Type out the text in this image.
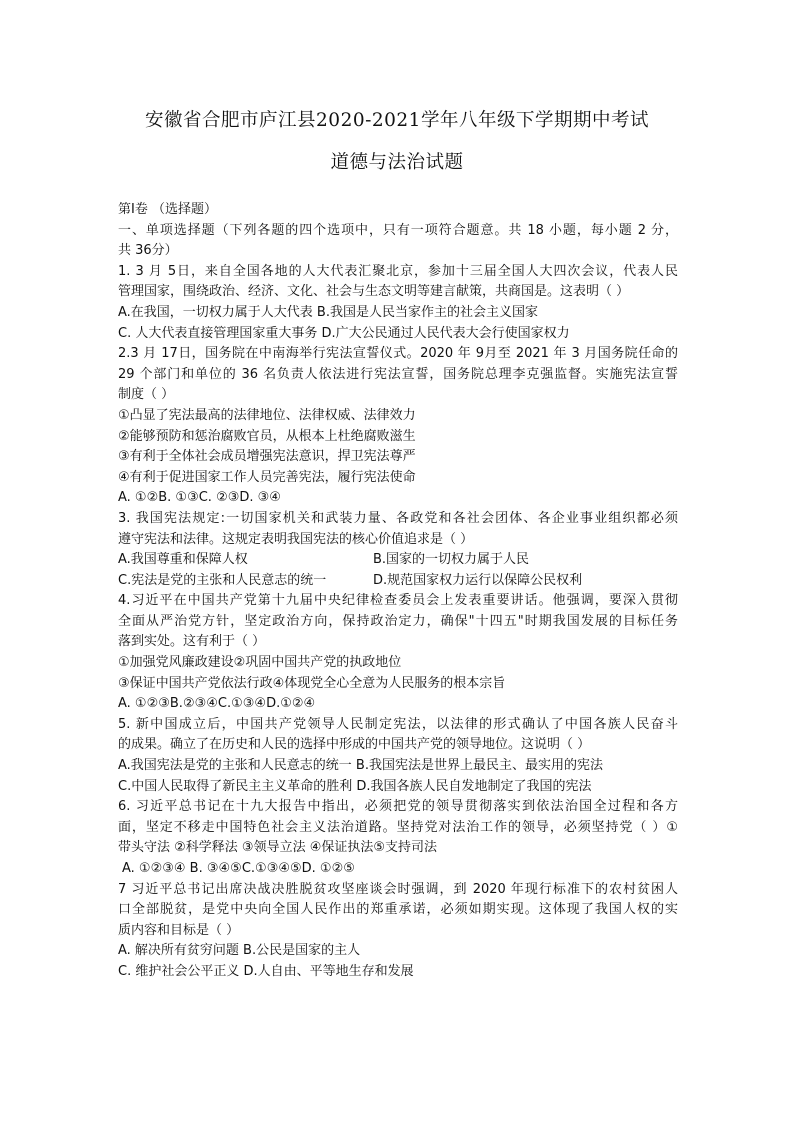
安徽省合肥市庐江县2020-2021学年八年级下学期期中考试
道德与法治试题
第Ⅰ卷 （选择题）
一、单项选择题（下列各题的四个选项中，只有一项符合题意。共 18 小题，每小题 2 分，
共 36分）
1. 3 月 5日，来自全国各地的人大代表汇聚北京，参加十三届全国人大四次会议，代表人民
管理国家，围绕政治、经济、文化、社会与生态文明等建言献策，共商国是。这表明（ ）
A.在我国，一切权力属于人大代表 B.我国是人民当家作主的社会主义国家
C. 人大代表直接管理国家重大事务 D.广大公民通过人民代表大会行使国家权力
2.3 月 17日，国务院在中南海举行宪法宣誓仪式。2020 年 9月至 2021 年 3 月国务院任命的
29 个部门和单位的 36 名负责人依法进行宪法宣誓，国务院总理李克强监督。实施宪法宣誓
制度（ ）
①凸显了宪法最高的法律地位、法律权威、法律效力
②能够预防和惩治腐败官员，从根本上杜绝腐败滋生
③有利于全体社会成员增强宪法意识，捍卫宪法尊严
④有利于促进国家工作人员完善宪法，履行宪法使命
A. ①②B. ①③C. ②③D. ③④
3. 我国宪法规定:一切国家机关和武装力量、各政党和各社会团体、各企业事业组织都必须
遵守宪法和法律。这规定表明我国宪法的核心价值追求是（ ）
A.我国尊重和保障人权	B.国家的一切权力属于人民
C.宪法是党的主张和人民意志的统一	D.规范国家权力运行以保障公民权利
4.习近平在中国共产党第十九届中央纪律检查委员会上发表重要讲话。他强调，要深入贯彻
全面从严治党方针，坚定政治方向，保持政治定力，确保"十四五"时期我国发展的目标任务
落到实处。这有利于（ ）
①加强党风廉政建设②巩固中国共产党的执政地位
③保证中国共产党依法行政④体现党全心全意为人民服务的根本宗旨
A. ①②③B.②③④C.①③④D.①②④
5. 新中国成立后，中国共产党领导人民制定宪法，以法律的形式确认了中国各族人民奋斗
的成果。确立了在历史和人民的选择中形成的中国共产党的领导地位。这说明（ ）
A.我国宪法是党的主张和人民意志的统一 B.我国宪法是世界上最民主、最实用的宪法
C.中国人民取得了新民主主义革命的胜利 D.我国各族人民自发地制定了我国的宪法
6. 习近平总书记在十九大报告中指出，必须把党的领导贯彻落实到依法治国全过程和各方
面，坚定不移走中国特色社会主义法治道路。坚持党对法治工作的领导，必须坚持党（ ）①
带头守法 ②科学释法 ③领导立法 ④保证执法⑤支持司法
A. ①②③④ B. ③④⑤C.①③④⑤D. ①②⑤
7 习近平总书记出席决战决胜脱贫攻坚座谈会时强调，到 2020 年现行标准下的农村贫困人
口全部脱贫，是党中央向全国人民作出的郑重承诺，必须如期实现。这体现了我国人权的实
质内容和目标是（ ）
A. 解决所有贫穷问题 B.公民是国家的主人
C. 维护社会公平正义 D.人自由、平等地生存和发展
